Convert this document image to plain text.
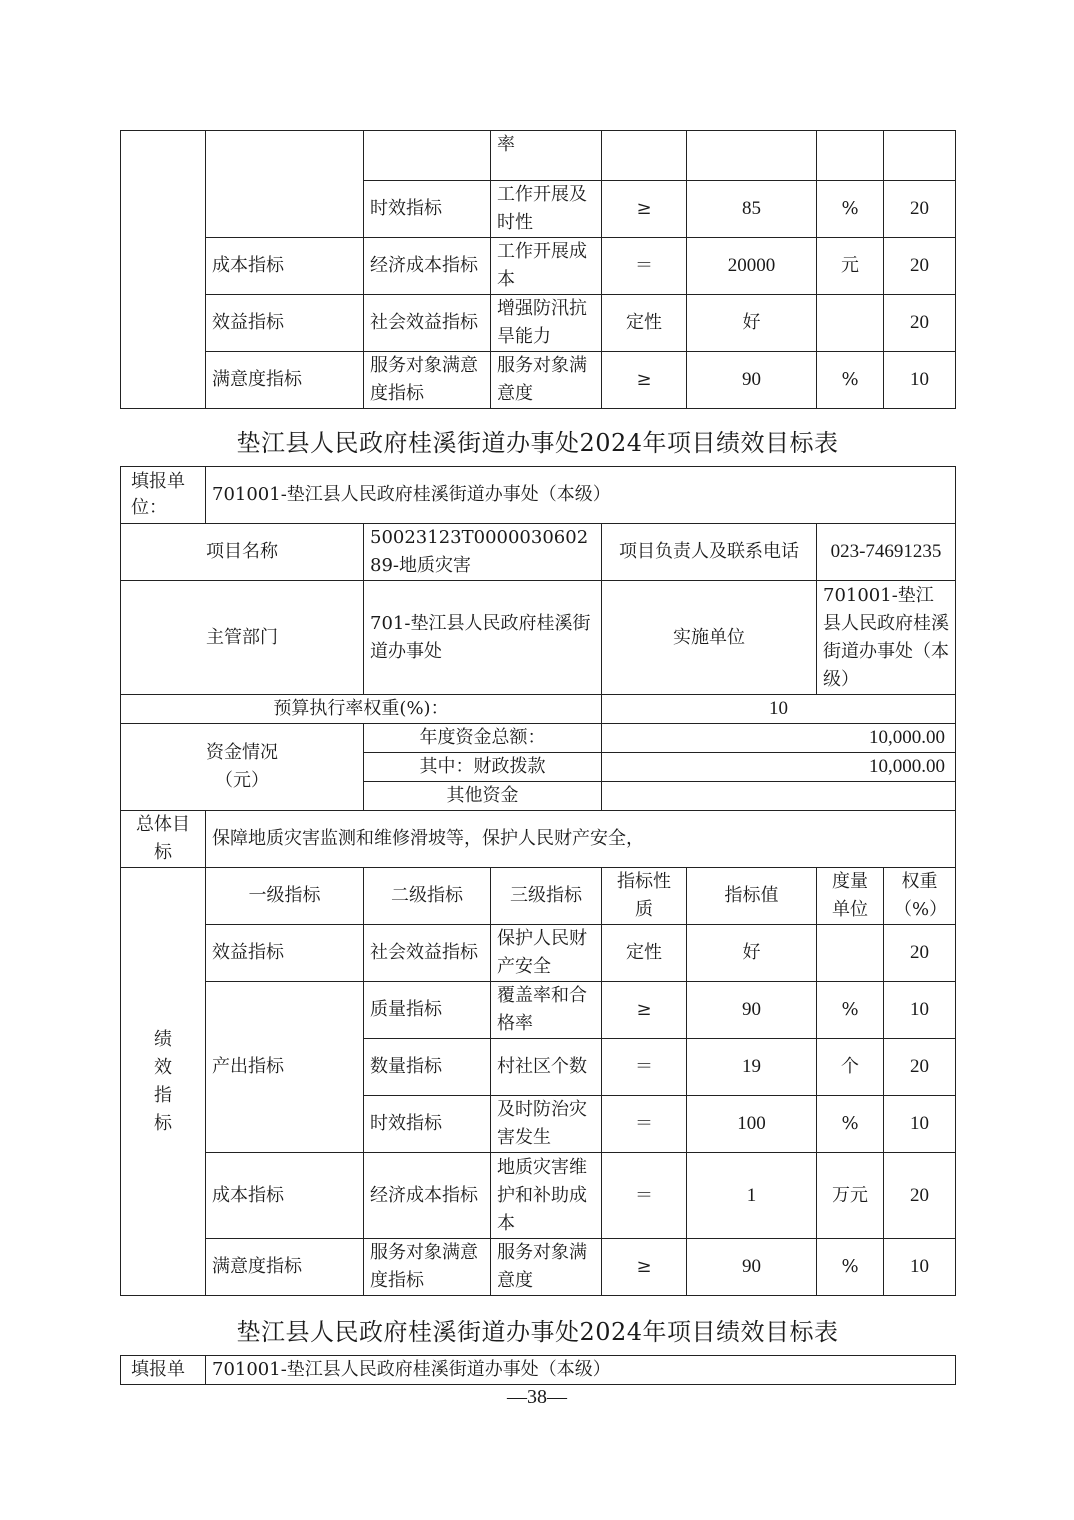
			率				
		时效指标	工作开展及时性	≥	85	%	20
	成本指标	经济成本指标	工作开展成本	＝	20000	元	20
	效益指标	社会效益指标	增强防汛抗旱能力	定性	好		20
	满意度指标	服务对象满意度指标	服务对象满意度	≥	90	%	10
垫江县人民政府桂溪街道办事处2024年项目绩效目标表
填报单位：	701001-垫江县人民政府桂溪街道办事处（本级）						
项目名称		50023123T000003060289-地质灾害		项目负责人及联系电话		023-74691235	
主管部门		701-垫江县人民政府桂溪街道办事处		实施单位		701001-垫江县人民政府桂溪街道办事处（本级）	
预算执行率权重(%)：				10			
资金情况（元）		年度资金总额：		10,000.00			
		其中：财政拨款		10,000.00			
		其他资金					
总体目标	保障地质灾害监测和维修滑坡等，保护人民财产安全，						

绩
效
指
标	一级指标	二级指标	三级指标	指标性质	指标值	度量单位	权重（%）
	效益指标	社会效益指标	保护人民财产安全	定性	好		20
	产出指标	质量指标	覆盖率和合格率	≥	90	%	10
		数量指标	村社区个数	＝	19	个	20
		时效指标	及时防治灾害发生	＝	100	%	10
	成本指标	经济成本指标	地质灾害维护和补助成本	＝	1	万元	20
	满意度指标	服务对象满意度指标	服务对象满意度	≥	90	%	10
垫江县人民政府桂溪街道办事处2024年项目绩效目标表
填报单	701001-垫江县人民政府桂溪街道办事处（本级）
—38—
